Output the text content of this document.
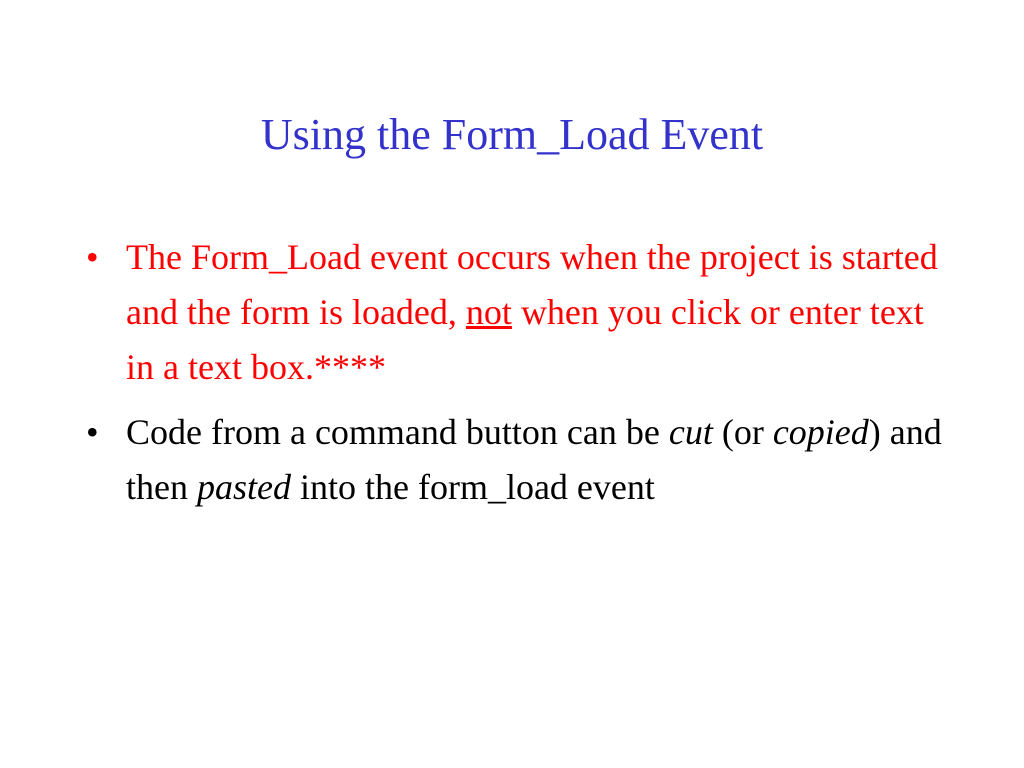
Using the Form_Load Event
• The Form_Load event occurs when the project is started and the form is loaded, not when you click or enter text in a text box.****
• Code from a command button can be cut (or copied) and then pasted into the form_load event
